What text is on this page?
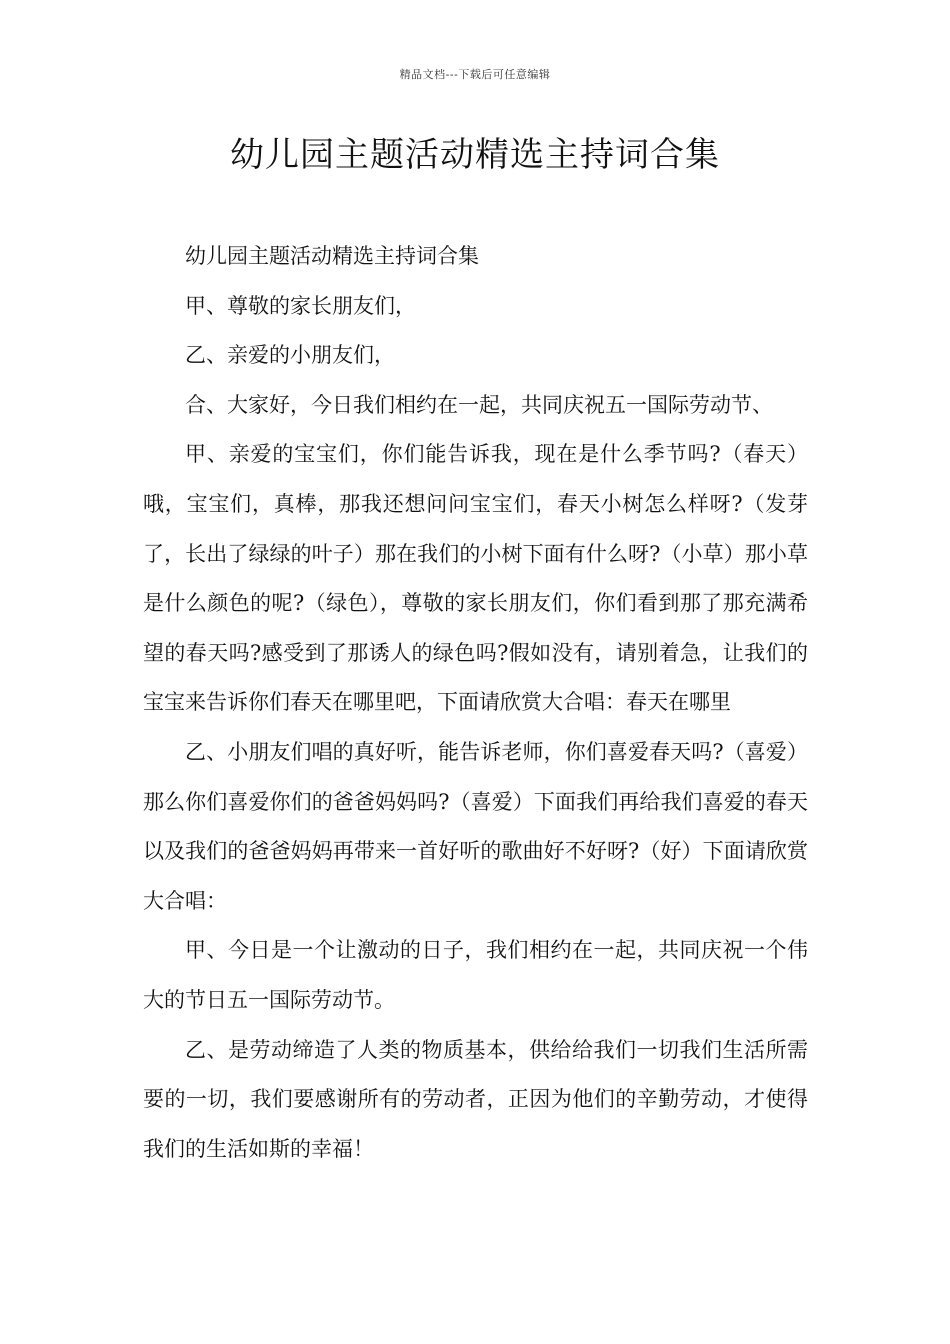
精品文档---下载后可任意编辑
幼儿园主题活动精选主持词合集

幼儿园主题活动精选主持词合集

甲、尊敬的家长朋友们，

乙、亲爱的小朋友们，

合、大家好，今日我们相约在一起，共同庆祝五一国际劳动节、

甲、亲爱的宝宝们，你们能告诉我，现在是什么季节吗?（春天）哦，宝宝们，真棒，那我还想问问宝宝们，春天小树怎么样呀?（发芽了，长出了绿绿的叶子）那在我们的小树下面有什么呀?（小草）那小草是什么颜色的呢?（绿色），尊敬的家长朋友们，你们看到那了那充满希望的春天吗?感受到了那诱人的绿色吗?假如没有，请别着急，让我们的宝宝来告诉你们春天在哪里吧，下面请欣赏大合唱：春天在哪里

乙、小朋友们唱的真好听，能告诉老师，你们喜爱春天吗?（喜爱）那么你们喜爱你们的爸爸妈妈吗?（喜爱）下面我们再给我们喜爱的春天以及我们的爸爸妈妈再带来一首好听的歌曲好不好呀?（好）下面请欣赏大合唱：

甲、今日是一个让激动的日子，我们相约在一起，共同庆祝一个伟大的节日五一国际劳动节。

乙、是劳动缔造了人类的物质基本，供给给我们一切我们生活所需要的一切，我们要感谢所有的劳动者，正因为他们的辛勤劳动，才使得我们的生活如斯的幸福！
